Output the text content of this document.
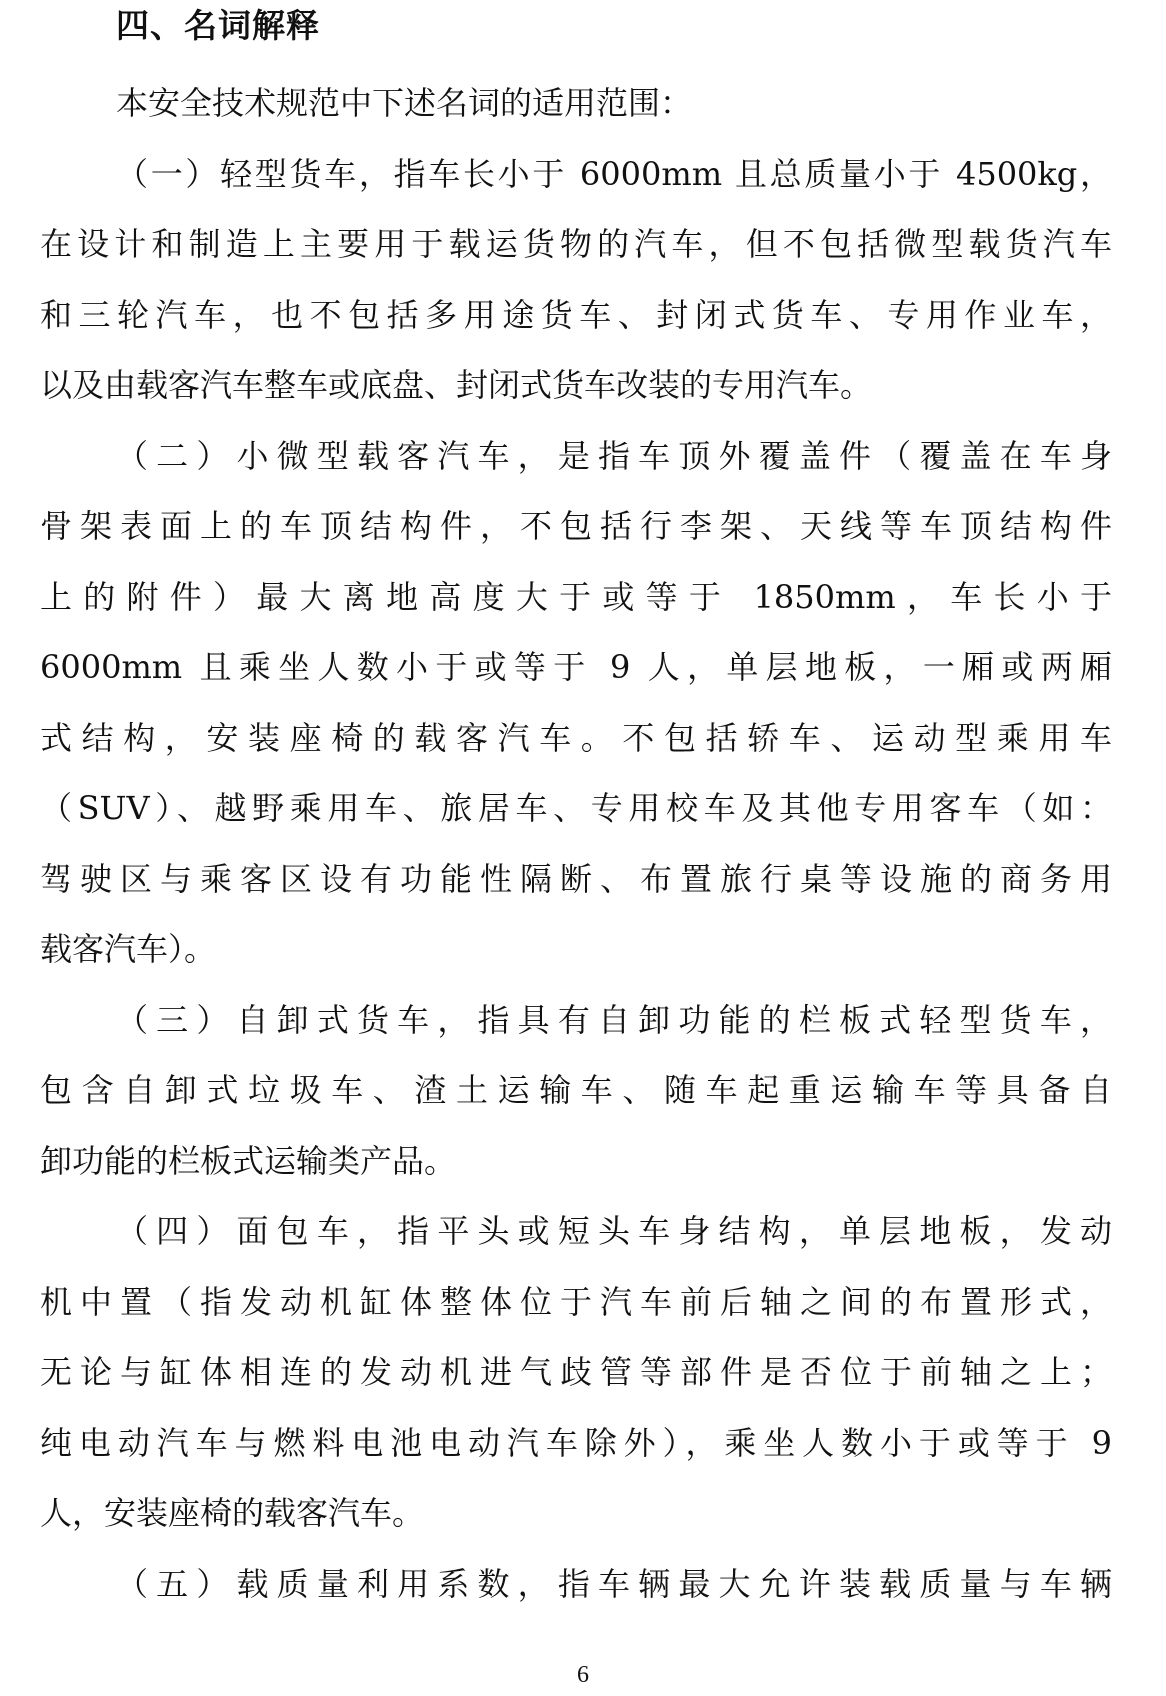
四、名词解释
本安全技术规范中下述名词的适用范围：
（一）轻型货车，指车长小于 6000mm 且总质量小于 4500kg，
在设计和制造上主要用于载运货物的汽车，但不包括微型载货汽车
和三轮汽车，也不包括多用途货车、封闭式货车、专用作业车，
以及由载客汽车整车或底盘、封闭式货车改装的专用汽车。
（二）小微型载客汽车，是指车顶外覆盖件（覆盖在车身
骨架表面上的车顶结构件，不包括行李架、天线等车顶结构件
上的附件）最大离地高度大于或等于 1850mm，车长小于
6000mm 且乘坐人数小于或等于 9 人，单层地板，一厢或两厢
式结构，安装座椅的载客汽车。不包括轿车、运动型乘用车
（SUV）、越野乘用车、旅居车、专用校车及其他专用客车（如：
驾驶区与乘客区设有功能性隔断、布置旅行桌等设施的商务用
载客汽车）。
（三）自卸式货车，指具有自卸功能的栏板式轻型货车，
包含自卸式垃圾车、渣土运输车、随车起重运输车等具备自
卸功能的栏板式运输类产品。
（四）面包车，指平头或短头车身结构，单层地板，发动
机中置（指发动机缸体整体位于汽车前后轴之间的布置形式，
无论与缸体相连的发动机进气歧管等部件是否位于前轴之上；
纯电动汽车与燃料电池电动汽车除外），乘坐人数小于或等于 9
人，安装座椅的载客汽车。
（五）载质量利用系数，指车辆最大允许装载质量与车辆
6
